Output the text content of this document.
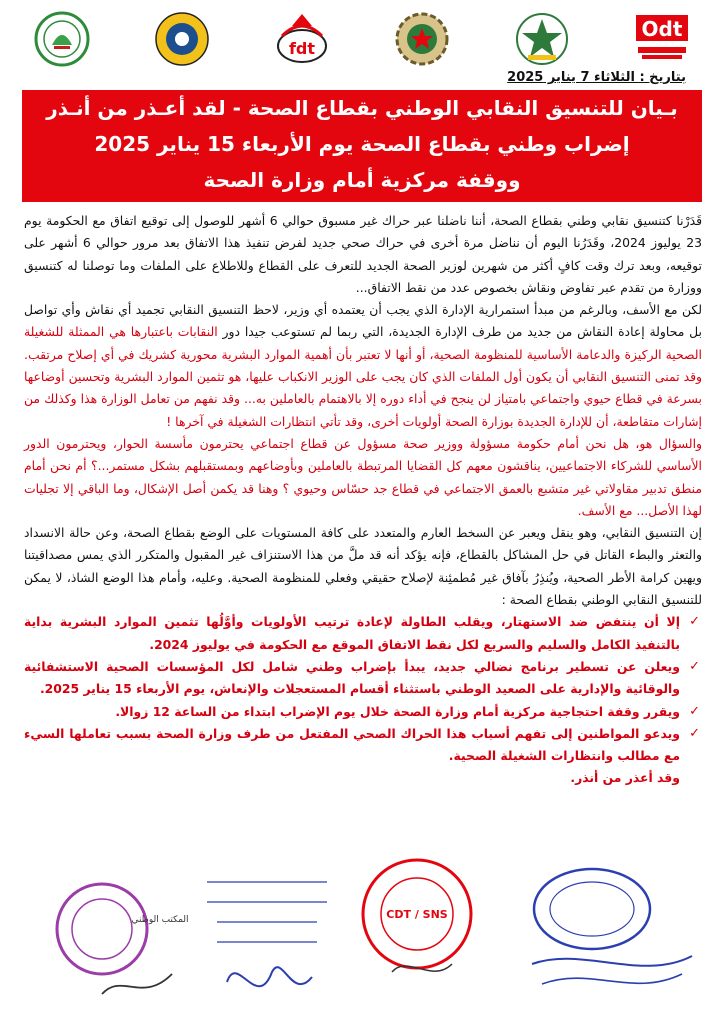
fdt
Odt
بتاريخ : الثلاثاء 7 يناير 2025
بـيان للتنسيق النقابي الوطني بقطاع الصحة - لقد أعـذر من أنـذر
إضراب وطني بقطاع الصحة يوم الأربعاء 15 يناير 2025
ووقفة مركزية أمام وزارة الصحة

قَدَرْنا كتنسيق نقابي وطني بقطاع الصحة، أننا ناضلنا عبر حراك غير مسبوق حوالي 6 أشهر للوصول إلى توقيع اتفاق مع الحكومة يوم 23 يوليوز 2024، وقَدَرُنا اليوم أن نناضل مرة أخرى في حراك صحي جديد لفرض تنفيذ هذا الاتفاق بعد مرور حوالي 6 أشهر على توقيعه، وبعد ترك وقت كافٍ أكثر من شهرين لوزير الصحة الجديد للتعرف على القطاع وللاطلاع على الملفات وما توصلنا له كتنسيق ووزارة من تقدم عبر تفاوض ونقاش بخصوص عدد من نقط الاتفاق...

لكن مع الأسف، وبالرغم من مبدأ استمرارية الإدارة الذي يجب أن يعتمده أي وزير، لاحظ التنسيق النقابي تجميد أي نقاش وأي تواصل بل محاولة إعادة النقاش من جديد من طرف الإدارة الجديدة، التي ربما لم تستوعب جيدا دور النقابات باعتبارها هي الممثلة للشغيلة الصحية الركيزة والدعامة الأساسية للمنظومة الصحية، أو أنها لا تعتبر بأن أهمية الموارد البشرية محورية كشريك في أي إصلاح مرتقب. وقد تمنى التنسيق النقابي أن يكون أول الملفات الذي كان يجب على الوزير الانكباب عليها، هو تثمين الموارد البشرية وتحسين أوضاعها بسرعة في قطاع حيوي واجتماعي بامتياز لن ينجح في أداء دوره إلا بالاهتمام بالعاملين به... وقد نفهم من تعامل الوزارة هذا وكذلك من إشارات متقاطعة، أن للإدارة الجديدة بوزارة الصحة أولويات أخرى، وقد تأتي انتظارات الشغيلة في آخرها !

والسؤال هو، هل نحن أمام حكومة مسؤولة ووزير صحة مسؤول عن قطاع اجتماعي يحترمون مأسسة الحوار، ويحترمون الدور الأساسي للشركاء الاجتماعيين، يناقشون معهم كل القضايا المرتبطة بالعاملين وبأوضاعهم وبمستقبلهم بشكل مستمر...؟ أم نحن أمام منطق تدبير مقاولاتي غير متشبع بالعمق الاجتماعي في قطاع جد حسّاس وحيوي ؟ وهنا قد يكمن أصل الإشكال، وما الباقي إلا تجليات لهذا الأصل... مع الأسف.

إن التنسيق النقابي، وهو ينقل ويعبر عن السخط العارم والمتعدد على كافة المستويات على الوضع بقطاع الصحة، وعن حالة الانسداد والتعثر والبطء القاتل في حل المشاكل بالقطاع، فإنه يؤكد أنه قد ملَّ من هذا الاستنزاف غير المقبول والمتكرر الذي يمس مصداقيتنا ويهين كرامة الأطر الصحية، ويُنذِرُ بآفاق غير مُطمئِنة لإصلاح حقيقي وفعلي للمنظومة الصحية. وعليه، وأمام هذا الوضع الشاذ، لا يمكن للتنسيق النقابي الوطني بقطاع الصحة :

✓
إلا أن ينتفض ضد الاستهتار، ويقلب الطاولة لإعادة ترتيب الأولويات وأوَّلُها تثمين الموارد البشرية بداية بالتنفيذ الكامل والسليم والسريع لكل نقط الاتفاق الموقع مع الحكومة في يوليوز 2024.
✓
ويعلن عن تسطير برنامج نضالي جديد، يبدأ بإضراب وطني شامل لكل المؤسسات الصحية الاستشفائية والوقائية والإدارية على الصعيد الوطني باستثناء أقسام المستعجلات والإنعاش، يوم الأربعاء 15 يناير 2025.
✓
ويقرر وقفة احتجاجية مركزية أمام وزارة الصحة خلال يوم الإضراب ابتداء من الساعة 12 زوالا.
✓
ويدعو المواطنين إلى تفهم أسباب هذا الحراك الصحي المفتعل من طرف وزارة الصحة بسبب تعاملها السيء مع مطالب وانتظارات الشغيلة الصحية.

وقد أعذر من أنذر.

CDT / SNS
المكتب الوطني
